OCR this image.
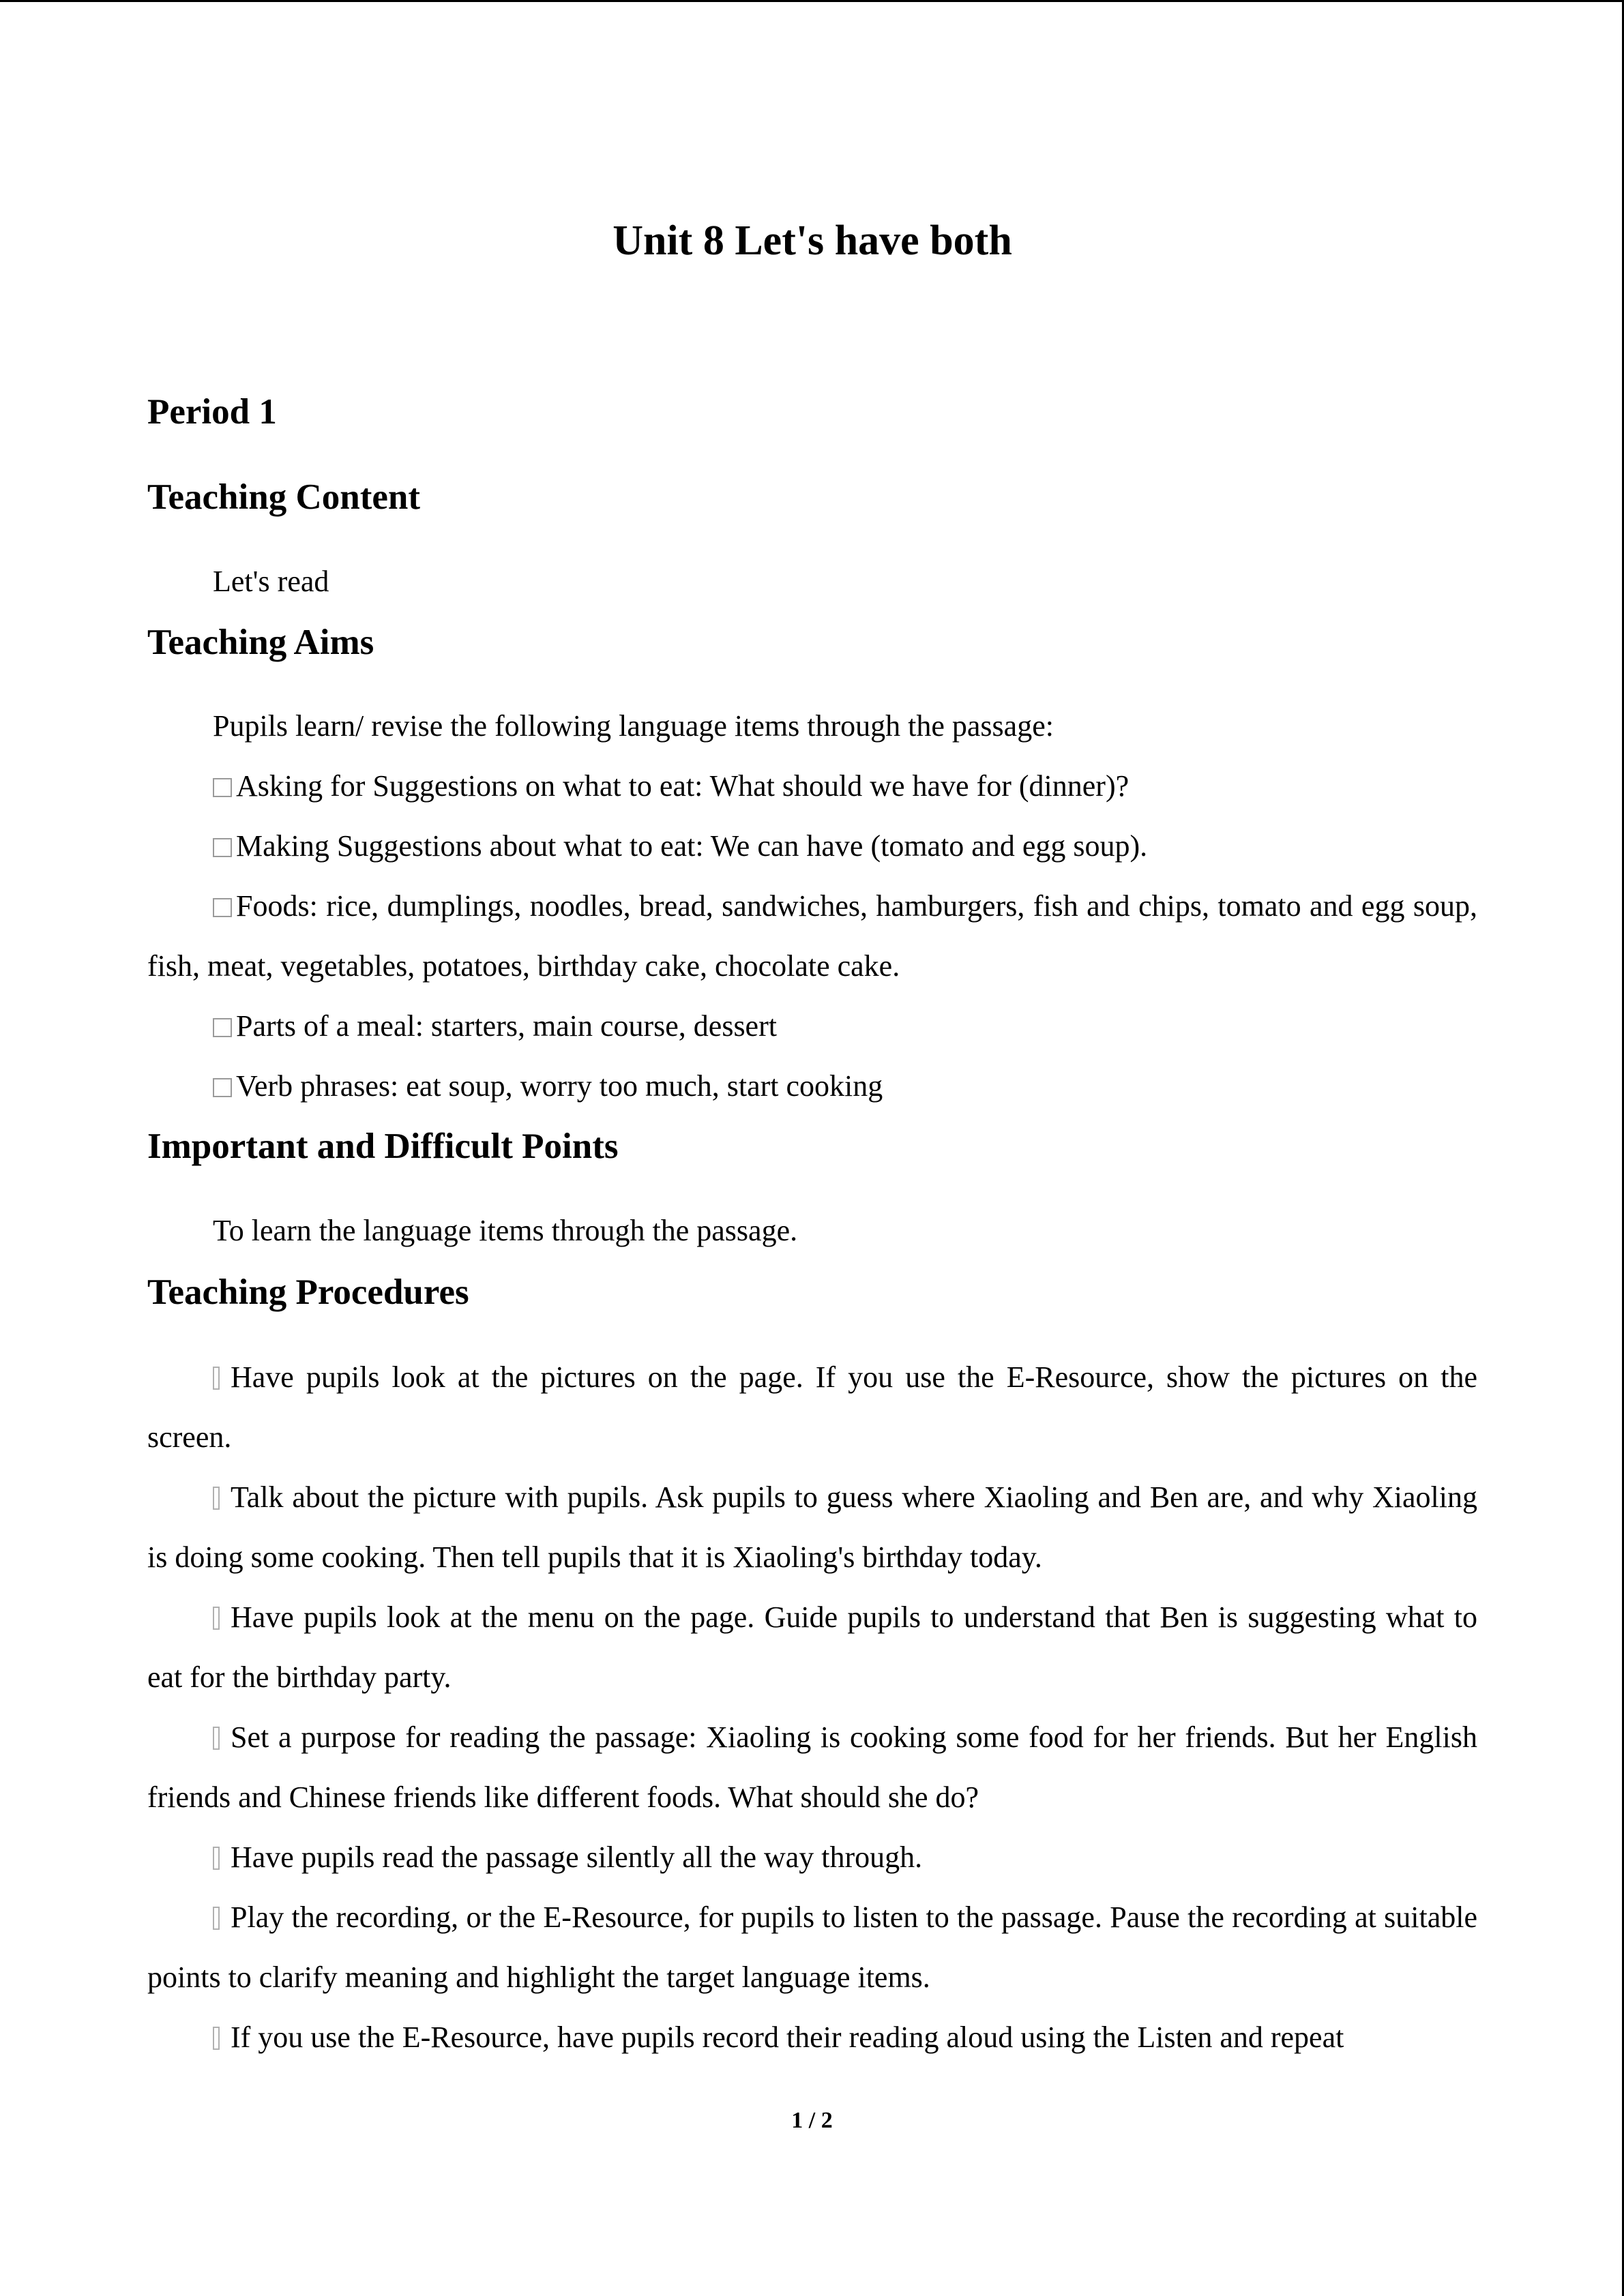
Unit 8 Let's have both
Period 1
Teaching Content

Let's read

Teaching Aims

Pupils learn/ revise the following language items through the passage:

Asking for Suggestions on what to eat: What should we have for (dinner)?

Making Suggestions about what to eat: We can have (tomato and egg soup).

Foods: rice, dumplings, noodles, bread, sandwiches, hamburgers, fish and chips, tomato and egg soup, fish, meat, vegetables, potatoes, birthday cake, chocolate cake.

Parts of a meal: starters, main course, dessert

Verb phrases: eat soup, worry too much, start cooking

Important and Difficult Points

To learn the language items through the passage.

Teaching Procedures

Have pupils look at the pictures on the page. If you use the E-Resource, show the pictures on the screen.

Talk about the picture with pupils. Ask pupils to guess where Xiaoling and Ben are, and why Xiaoling is doing some cooking. Then tell pupils that it is Xiaoling's birthday today.

Have pupils look at the menu on the page. Guide pupils to understand that Ben is suggesting what to eat for the birthday party.

Set a purpose for reading the passage: Xiaoling is cooking some food for her friends. But her English friends and Chinese friends like different foods. What should she do?

Have pupils read the passage silently all the way through.

Play the recording, or the E-Resource, for pupils to listen to the passage. Pause the recording at suitable points to clarify meaning and highlight the target language items.

If you use the E-Resource, have pupils record their reading aloud using the Listen and repeat

1 / 2
